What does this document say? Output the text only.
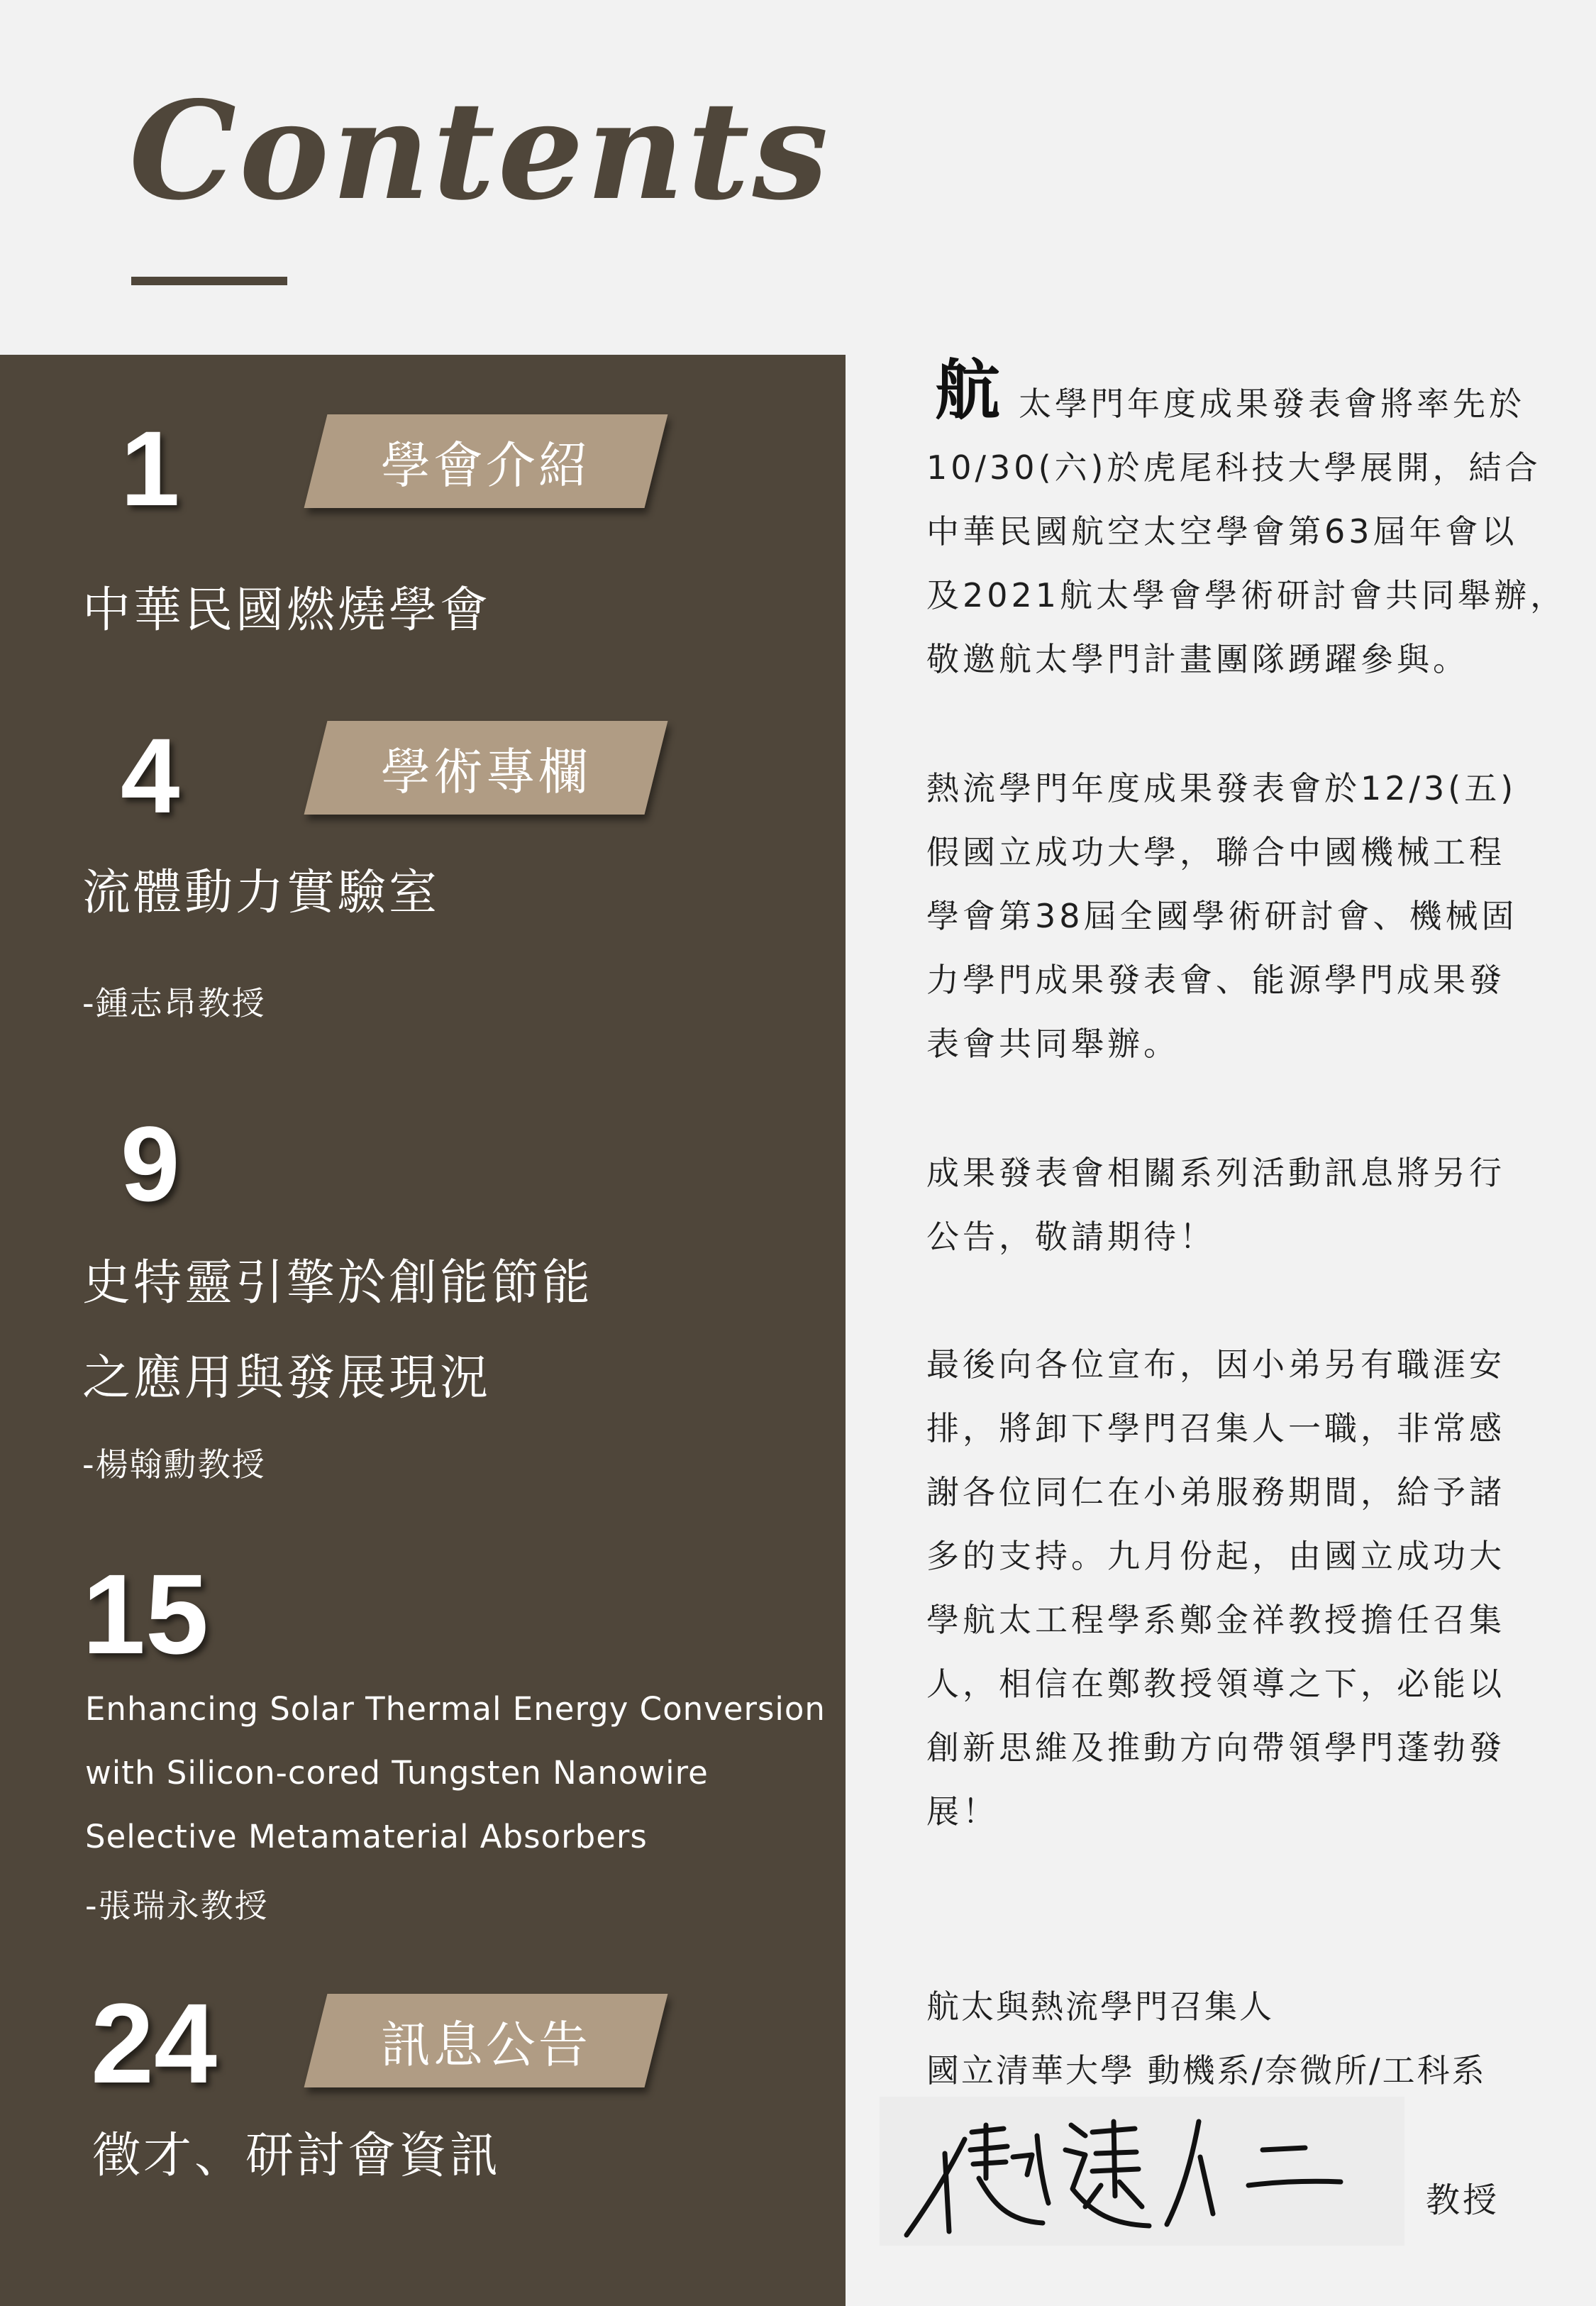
Contents
1	學會介紹
中華民國燃燒學會
4	學術專欄
流體動力實驗室
-鍾志昂教授
9
史特靈引擎於創能節能
之應用與發展現況
-楊翰勳教授
15
Enhancing Solar Thermal Energy Conversion
with Silicon-cored Tungsten Nanowire
Selective Metamaterial Absorbers
-張瑞永教授
24	訊息公告
徵才、研討會資訊
航 太學門年度成果發表會將率先於
10/30(六)於虎尾科技大學展開，結合
中華民國航空太空學會第63屆年會以
及2021航太學會學術研討會共同舉辦，
敬邀航太學門計畫團隊踴躍參與。
熱流學門年度成果發表會於12/3(五)
假國立成功大學，聯合中國機械工程
學會第38屆全國學術研討會、機械固
力學門成果發表會、能源學門成果發
表會共同舉辦。
成果發表會相關系列活動訊息將另行
公告，敬請期待！
最後向各位宣布，因小弟另有職涯安
排，將卸下學門召集人一職，非常感
謝各位同仁在小弟服務期間，給予諸
多的支持。九月份起，由國立成功大
學航太工程學系鄭金祥教授擔任召集
人，相信在鄭教授領導之下，必能以
創新思維及推動方向帶領學門蓬勃發
展！
航太與熱流學門召集人
國立清華大學 動機系/奈微所/工科系
教授
